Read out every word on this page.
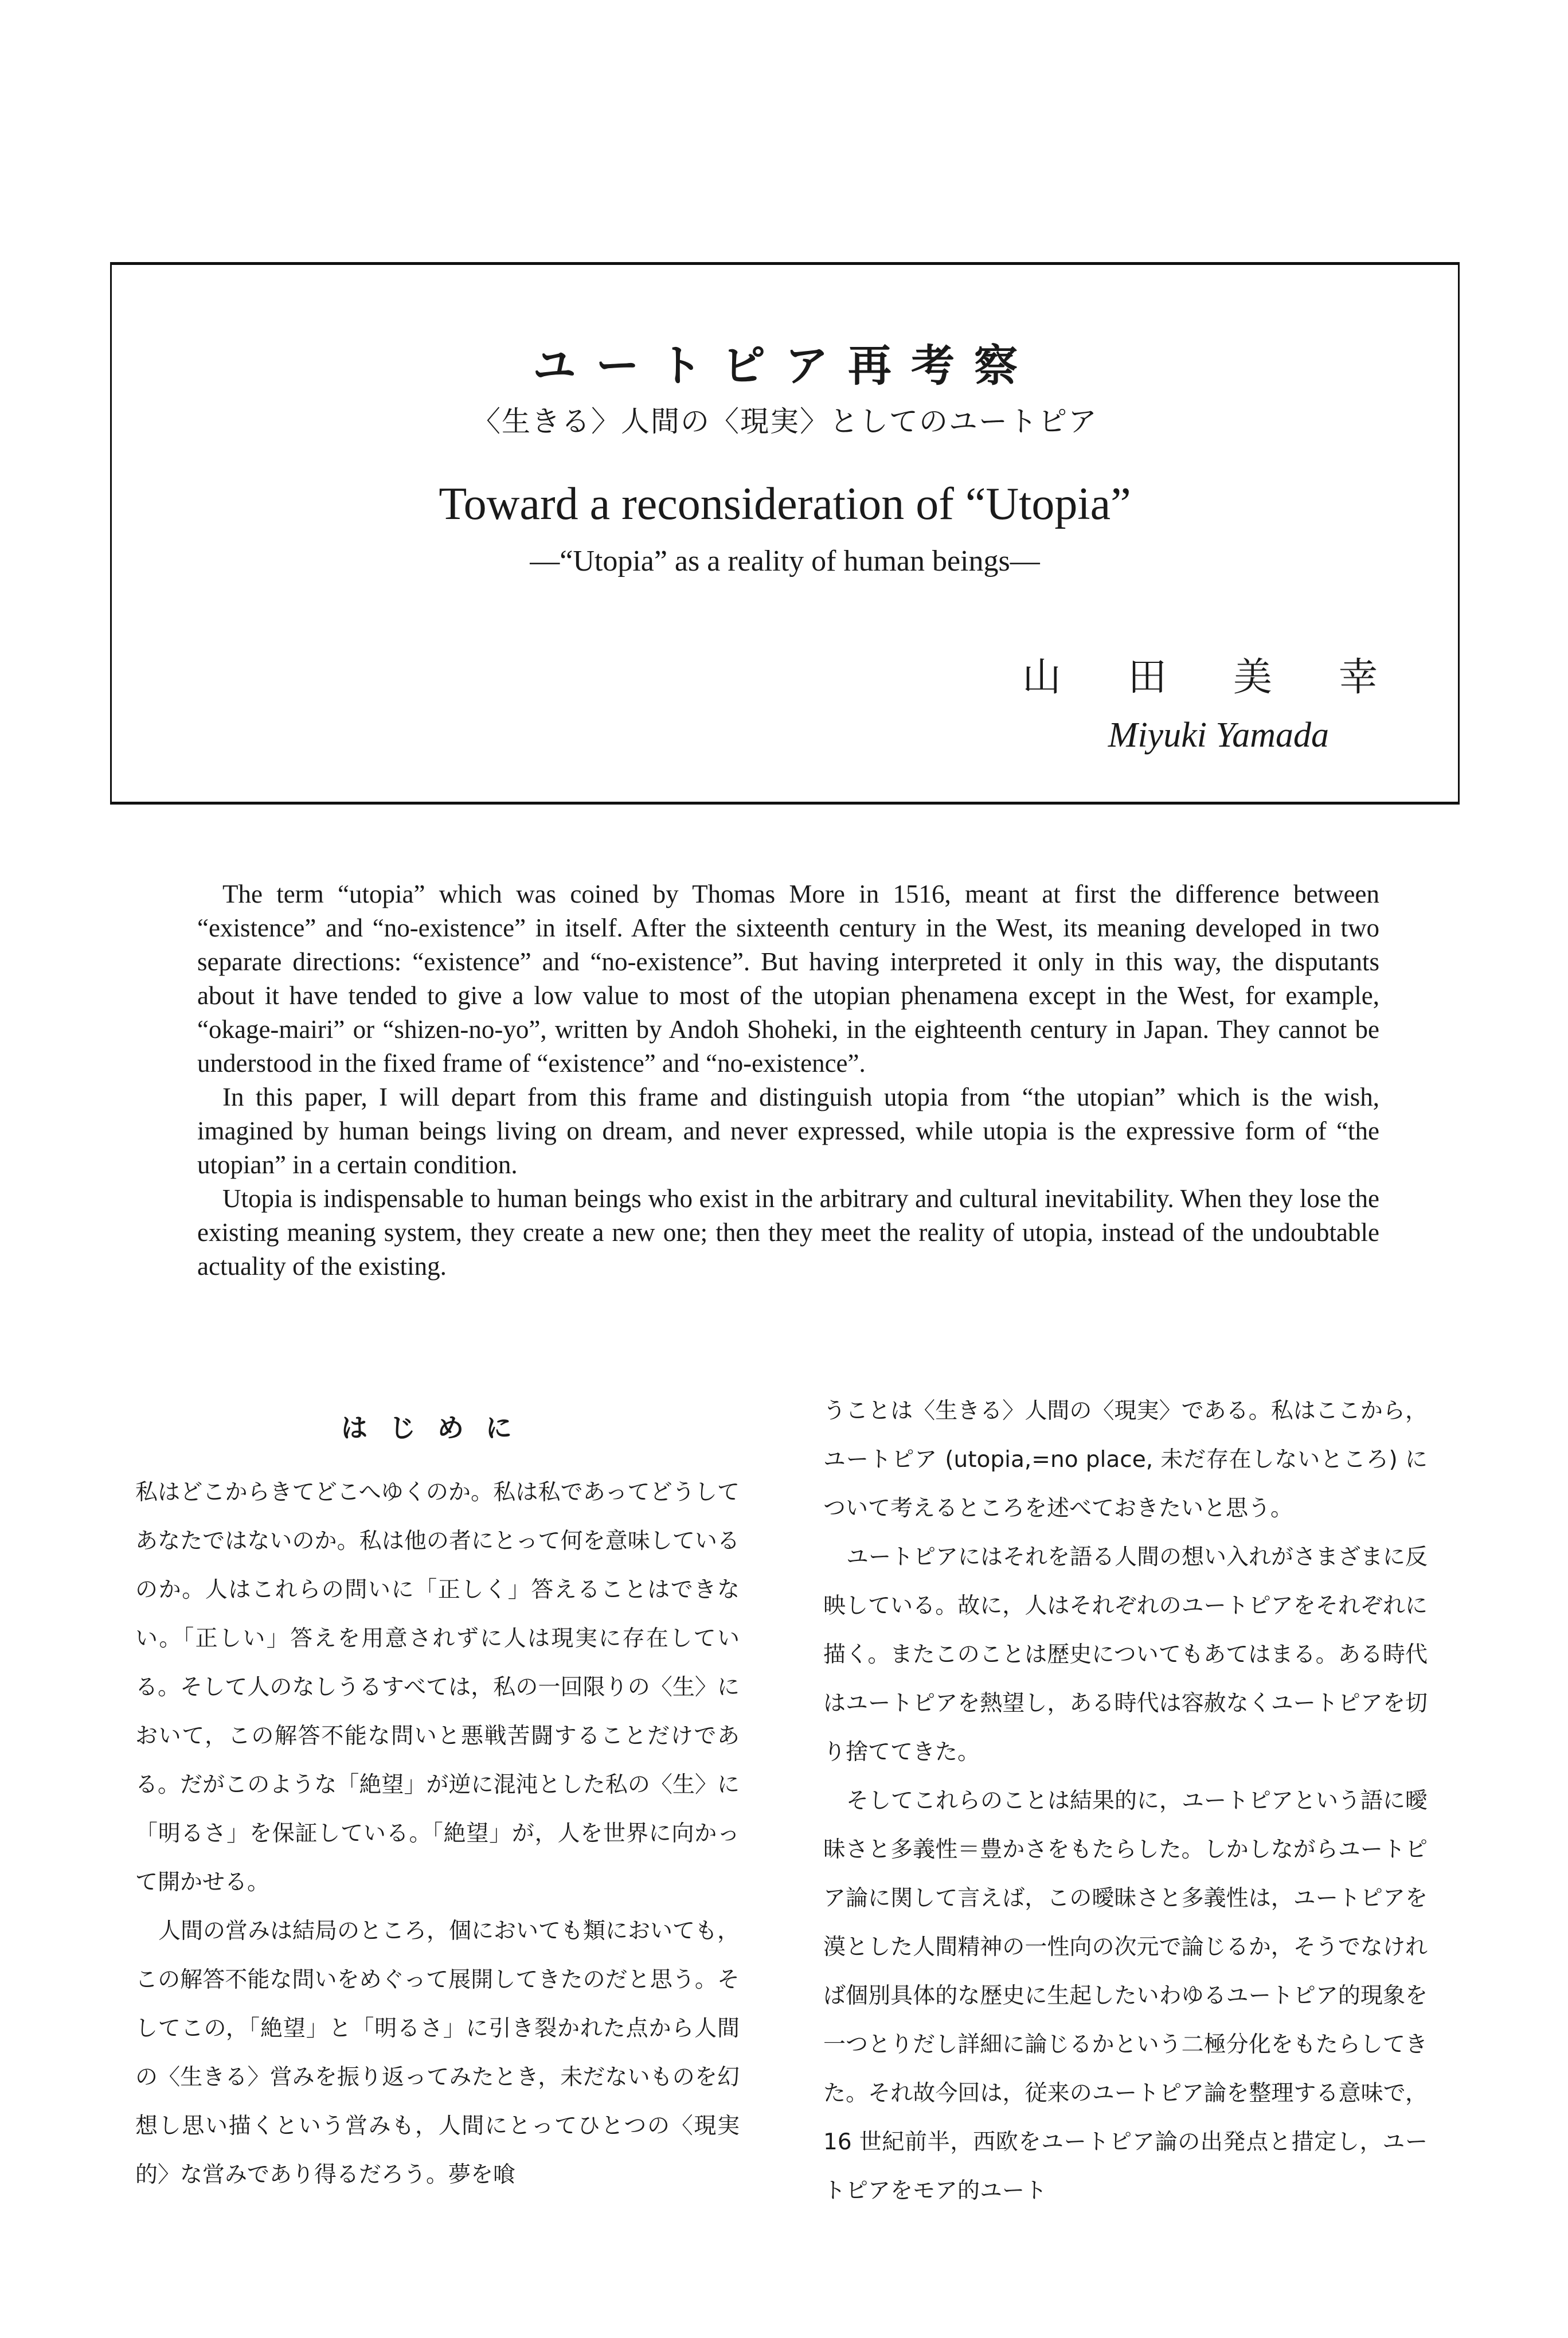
ユートピア再考察
〈生きる〉人間の〈現実〉としてのユートピア
Toward a reconsideration of “Utopia”
—“Utopia” as a reality of human beings—
山 田 美 幸
Miyuki Yamada

The term “utopia” which was coined by Thomas More in 1516, meant at first the difference between “existence” and “no-existence” in itself. After the sixteenth century in the West, its meaning developed in two separate directions: “existence” and “no-existence”. But having interpreted it only in this way, the disputants about it have tended to give a low value to most of the utopian phenamena except in the West, for example, “okage-mairi” or “shizen-no-yo”, written by Andoh Shoheki, in the eighteenth century in Japan. They cannot be understood in the fixed frame of “existence” and “no-existence”.

In this paper, I will depart from this frame and distinguish utopia from “the utopian” which is the wish, imagined by human beings living on dream, and never expressed, while utopia is the expressive form of “the utopian” in a certain condition.

Utopia is indispensable to human beings who exist in the arbitrary and cultural inevitability. When they lose the existing meaning system, they create a new one; then they meet the reality of utopia, instead of the undoubtable actuality of the existing.

はじめに

私はどこからきてどこへゆくのか。私は私であってどうしてあなたではないのか。私は他の者にとって何を意味しているのか。人はこれらの問いに「正しく」答えることはできない。「正しい」答えを用意されずに人は現実に存在している。そして人のなしうるすべては，私の一回限りの〈生〉において，この解答不能な問いと悪戦苦闘することだけである。だがこのような「絶望」が逆に混沌とした私の〈生〉に「明るさ」を保証している。「絶望」が，人を世界に向かって開かせる。

人間の営みは結局のところ，個においても類においても，この解答不能な問いをめぐって展開してきたのだと思う。そしてこの，「絶望」と「明るさ」に引き裂かれた点から人間の〈生きる〉営みを振り返ってみたとき，未だないものを幻想し思い描くという営みも，人間にとってひとつの〈現実的〉な営みであり得るだろう。夢を喰

うことは〈生きる〉人間の〈現実〉である。私はここから，ユートピア (utopia,=no place, 未だ存在しないところ) について考えるところを述べておきたいと思う。

ユートピアにはそれを語る人間の想い入れがさまざまに反映している。故に，人はそれぞれのユートピアをそれぞれに描く。またこのことは歴史についてもあてはまる。ある時代はユートピアを熱望し，ある時代は容赦なくユートピアを切り捨ててきた。

そしてこれらのことは結果的に，ユートピアという語に曖昧さと多義性＝豊かさをもたらした。しかしながらユートピア論に関して言えば，この曖昧さと多義性は，ユートピアを漠とした人間精神の一性向の次元で論じるか，そうでなければ個別具体的な歴史に生起したいわゆるユートピア的現象を一つとりだし詳細に論じるかという二極分化をもたらしてきた。それ故今回は，従来のユートピア論を整理する意味で，16 世紀前半，西欧をユートピア論の出発点と措定し，ユートピアをモア的ユート
